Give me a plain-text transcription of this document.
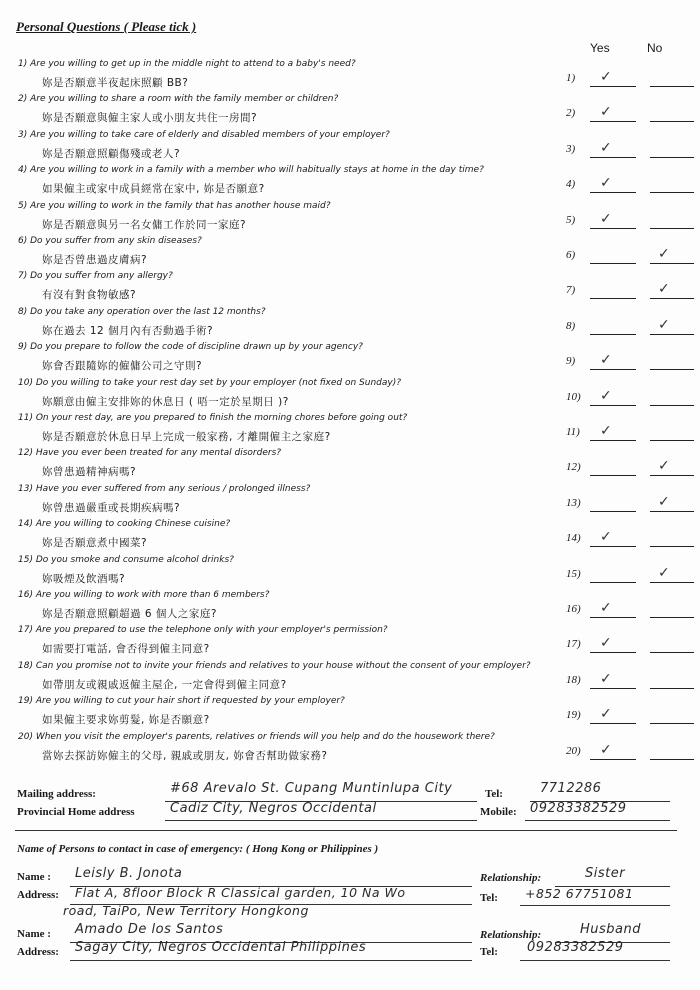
Personal Questions ( Please tick )
Yes	No
1) Are you willing to get up in the middle night to attend to a baby's need?
妳是否願意半夜起床照顧 BB?	1) ✓
2) Are you willing to share a room with the family member or children?
妳是否願意與僱主家人或小朋友共住一房間?	2) ✓
3) Are you willing to take care of elderly and disabled members of your employer?
妳是否願意照顧傷殘或老人?	3) ✓
4) Are you willing to work in a family with a member who will habitually stays at home in the day time?
如果僱主或家中成員經常在家中, 妳是否願意?	4) ✓
5) Are you willing to work in the family that has another house maid?
妳是否願意與另一名女傭工作於同一家庭?	5) ✓
6) Do you suffer from any skin diseases?
妳是否曾患過皮膚病?	6)	✓
7) Do you suffer from any allergy?
有沒有對食物敏感?	7)	✓
8) Do you take any operation over the last 12 months?
妳在過去 12 個月內有否動過手術?	8)	✓
9) Do you prepare to follow the code of discipline drawn up by your agency?
妳會否跟隨妳的僱傭公司之守則?	9) ✓
10) Do you willing to take your rest day set by your employer (not fixed on Sunday)?
妳願意由僱主安排妳的休息日 ( 唔一定於星期日 )?	10) ✓
11) On your rest day, are you prepared to finish the morning chores before going out?
妳是否願意於休息日早上完成一般家務, 才離開僱主之家庭?	11) ✓
12) Have you ever been treated for any mental disorders?
妳曾患過精神病嗎?	12)	✓
13) Have you ever suffered from any serious / prolonged illness?
妳曾患過嚴重或長期疾病嗎?	13)	✓
14) Are you willing to cooking Chinese cuisine?
妳是否願意煮中國菜?	14) ✓
15) Do you smoke and consume alcohol drinks?
妳吸煙及飲酒嗎?	15)	✓
16) Are you willing to work with more than 6 members?
妳是否願意照顧超過 6 個人之家庭?	16) ✓
17) Are you prepared to use the telephone only with your employer's permission?
如需要打電話, 會否得到僱主同意?	17) ✓
18) Can you promise not to invite your friends and relatives to your house without the consent of your employer?
如帶朋友或親戚返僱主屋企, 一定會得到僱主同意?	18) ✓
19) Are you willing to cut your hair short if requested by your employer?
如果僱主要求妳剪髮, 妳是否願意?	19) ✓
20) When you visit the employer's parents, relatives or friends will you help and do the housework there?
當妳去探訪妳僱主的父母, 親戚或朋友, 妳會否幫助做家務?	20) ✓
Mailing address:	#68 Arevalo St. Cupang Muntinlupa City	Tel:	7712286
Provincial Home address	Cadiz City, Negros Occidental	Mobile: 09283382529
Name of Persons to contact in case of emergency: ( Hong Kong or Philippines )
Name : Leisly B. Jonota	Relationship:	Sister
Address: Flat A, 8floor Block R Classical garden, 10 Na Wo
road, TaiPo, New Territory Hongkong
Tel: +852 67751081
Name : Amado De los Santos	Relationship:	Husband
Address: Sagay City, Negros Occidental Philippines	Tel: 09283382529
